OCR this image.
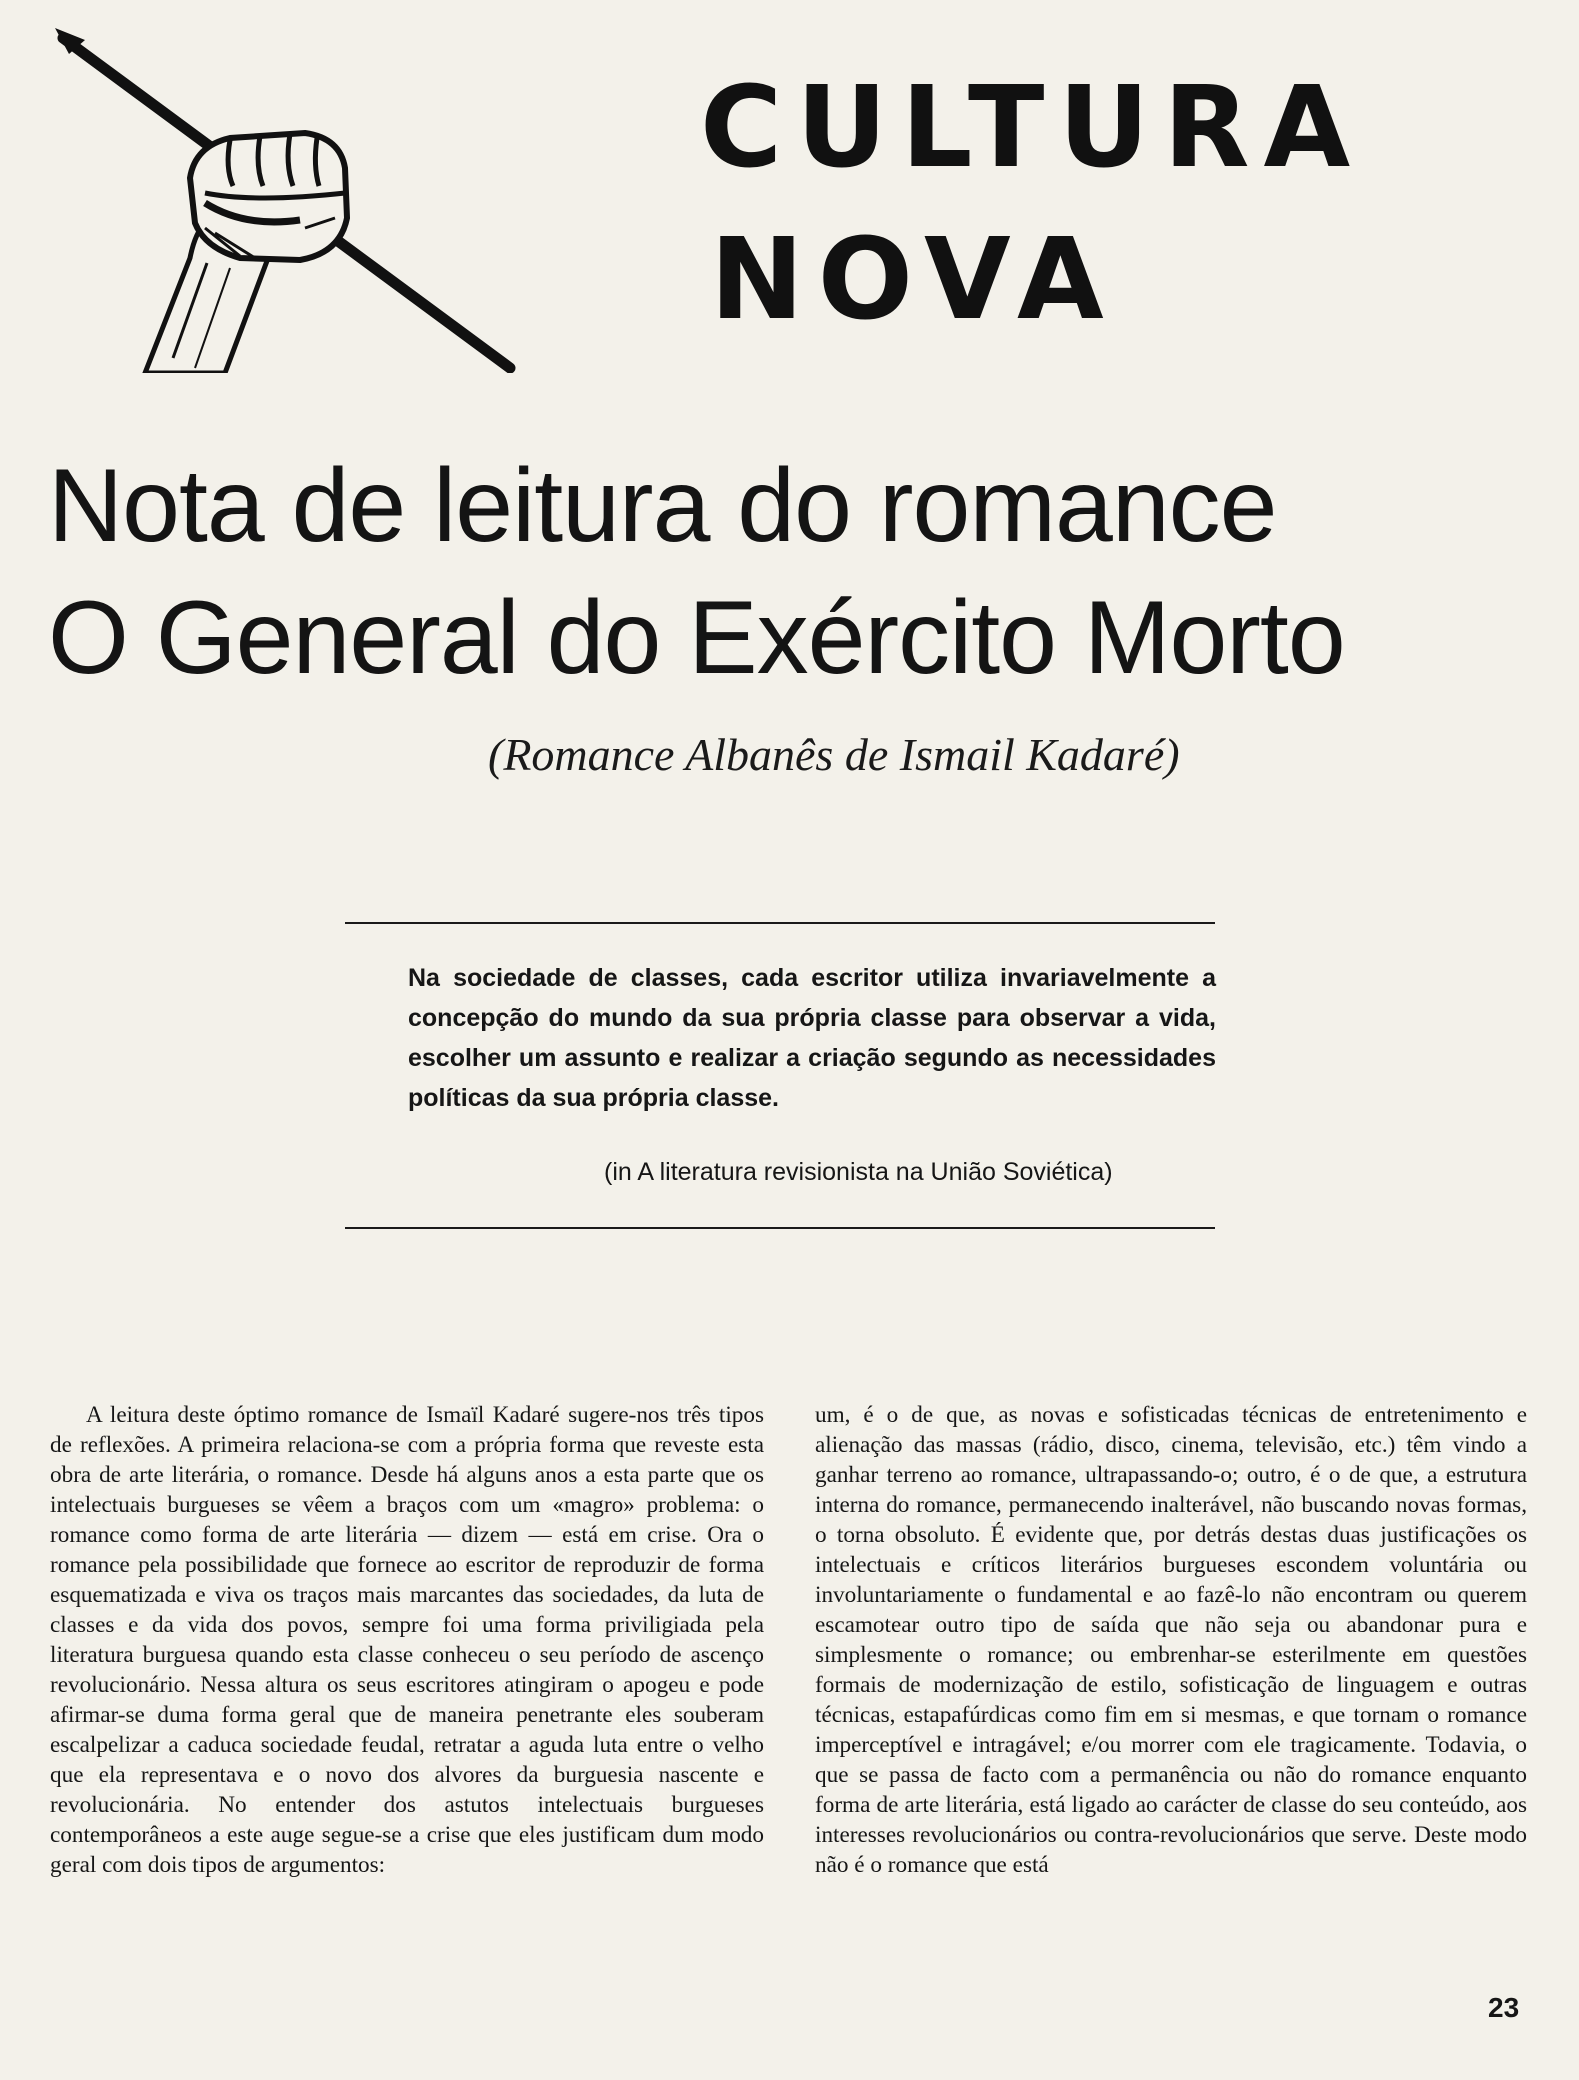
CULTURA
NOVA
Nota de leitura do romance
O General do Exército Morto
(Romance Albanês de Ismail Kadaré)

Na sociedade de classes, cada escritor utiliza invariavelmente a concepção do mundo da sua própria classe para observar a vida, escolher um assunto e realizar a criação segundo as necessidades políticas da sua própria classe.

(in A literatura revisionista na União Soviética)

A leitura deste óptimo romance de Ismaïl Kadaré sugere-nos três tipos de reflexões. A primeira relaciona-se com a própria forma que reveste esta obra de arte literária, o romance. Desde há alguns anos a esta parte que os intelectuais burgueses se vêem a braços com um «magro» problema: o romance como forma de arte literária — dizem — está em crise. Ora o romance pela possibilidade que fornece ao escritor de reproduzir de forma esquematizada e viva os traços mais marcantes das sociedades, da luta de classes e da vida dos povos, sempre foi uma forma priviligiada pela literatura burguesa quando esta classe conheceu o seu período de ascenço revolucionário. Nessa altura os seus escritores atingiram o apogeu e pode afirmar-se duma forma geral que de maneira penetrante eles souberam escalpelizar a caduca sociedade feudal, retratar a aguda luta entre o velho que ela representava e o novo dos alvores da burguesia nascente e revolucionária. No entender dos astutos intelectuais burgueses contemporâneos a este auge segue-se a crise que eles justificam dum modo geral com dois tipos de argumentos:

um, é o de que, as novas e sofisticadas técnicas de entretenimento e alienação das massas (rádio, disco, cinema, televisão, etc.) têm vindo a ganhar terreno ao romance, ultrapassando-o; outro, é o de que, a estrutura interna do romance, permanecendo inalterável, não buscando novas formas, o torna obsoluto. É evidente que, por detrás destas duas justificações os intelectuais e críticos literários burgueses escondem voluntária ou involuntariamente o fundamental e ao fazê-lo não encontram ou querem escamotear outro tipo de saída que não seja ou abandonar pura e simplesmente o romance; ou embrenhar-se esterilmente em questões formais de modernização de estilo, sofisticação de linguagem e outras técnicas, estapafúrdicas como fim em si mesmas, e que tornam o romance imperceptível e intragável; e/ou morrer com ele tragicamente. Todavia, o que se passa de facto com a permanência ou não do romance enquanto forma de arte literária, está ligado ao carácter de classe do seu conteúdo, aos interesses revolucionários ou contra-revolucionários que serve. Deste modo não é o romance que está

23
